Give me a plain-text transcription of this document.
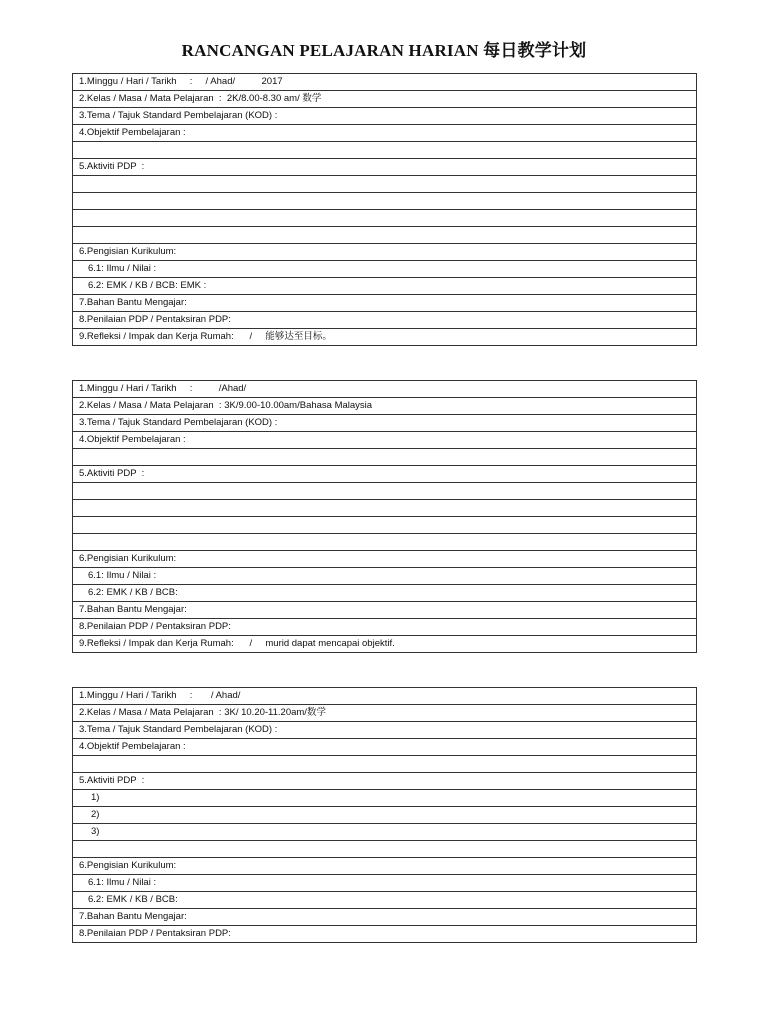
RANCANGAN PELAJARAN HARIAN 每日教学计划
1.Minggu / Hari / Tarikh     :     / Ahad/          2017
2.Kelas / Masa / Mata Pelajaran  :  2K/8.00-8.30 am/ 数学
3.Tema / Tajuk Standard Pembelajaran (KOD) :
4.Objektif Pembelajaran :

5.Aktiviti PDP  :

6.Pengisian Kurikulum:
6.1: Ilmu / Nilai :
6.2: EMK / KB / BCB: EMK :
7.Bahan Bantu Mengajar:
8.Penilaian PDP / Pentaksiran PDP:
9.Refleksi / Impak dan Kerja Rumah:      /     能够达至目标。
1.Minggu / Hari / Tarikh     :          /Ahad/
2.Kelas / Masa / Mata Pelajaran  : 3K/9.00-10.00am/Bahasa Malaysia
3.Tema / Tajuk Standard Pembelajaran (KOD) :
4.Objektif Pembelajaran :

5.Aktiviti PDP  :

6.Pengisian Kurikulum:
6.1: Ilmu / Nilai :
6.2: EMK / KB / BCB:
7.Bahan Bantu Mengajar:
8.Penilaian PDP / Pentaksiran PDP:
9.Refleksi / Impak dan Kerja Rumah:      /     murid dapat mencapai objektif.
1.Minggu / Hari / Tarikh     :       / Ahad/
2.Kelas / Masa / Mata Pelajaran  : 3K/ 10.20-11.20am/数学
3.Tema / Tajuk Standard Pembelajaran (KOD) :
4.Objektif Pembelajaran :

5.Aktiviti PDP  :
1)
2)
3)

6.Pengisian Kurikulum:
6.1: Ilmu / Nilai :
6.2: EMK / KB / BCB:
7.Bahan Bantu Mengajar:
8.Penilaian PDP / Pentaksiran PDP:
